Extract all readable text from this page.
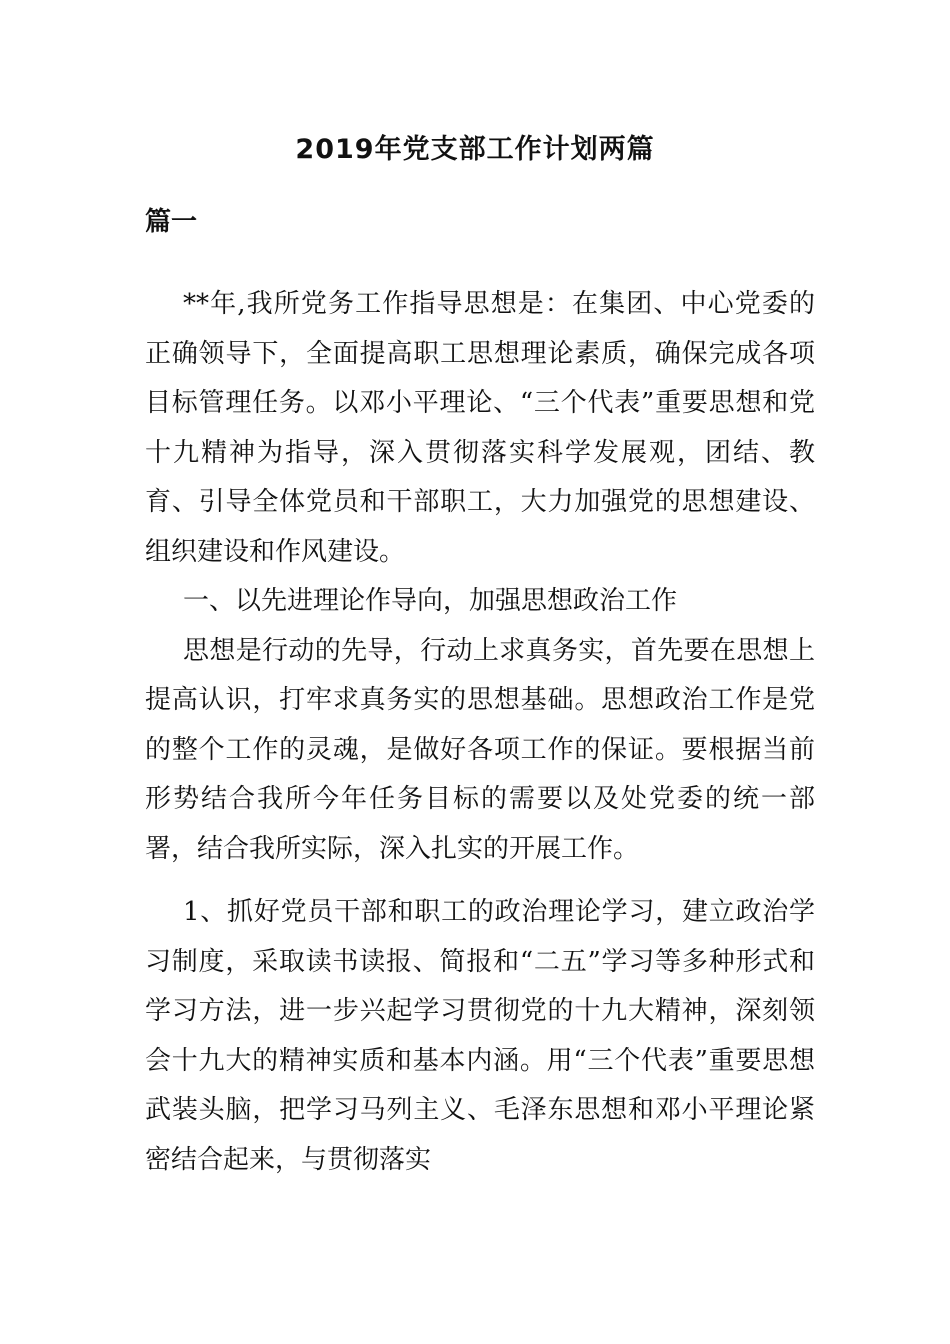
2019年党支部工作计划两篇
篇一

**年,我所党务工作指导思想是：在集团、中心党委的正确领导下，全面提高职工思想理论素质，确保完成各项目标管理任务。以邓小平理论、“三个代表”重要思想和党十九精神为指导，深入贯彻落实科学发展观，团结、教育、引导全体党员和干部职工，大力加强党的思想建设、组织建设和作风建设。

一、以先进理论作导向，加强思想政治工作

思想是行动的先导，行动上求真务实，首先要在思想上提高认识，打牢求真务实的思想基础。思想政治工作是党的整个工作的灵魂，是做好各项工作的保证。要根据当前形势结合我所今年任务目标的需要以及处党委的统一部署，结合我所实际，深入扎实的开展工作。

1、抓好党员干部和职工的政治理论学习，建立政治学习制度，采取读书读报、简报和“二五”学习等多种形式和学习方法，进一步兴起学习贯彻党的十九大精神，深刻领会十九大的精神实质和基本内涵。用“三个代表”重要思想武装头脑，把学习马列主义、毛泽东思想和邓小平理论紧密结合起来，与贯彻落实
